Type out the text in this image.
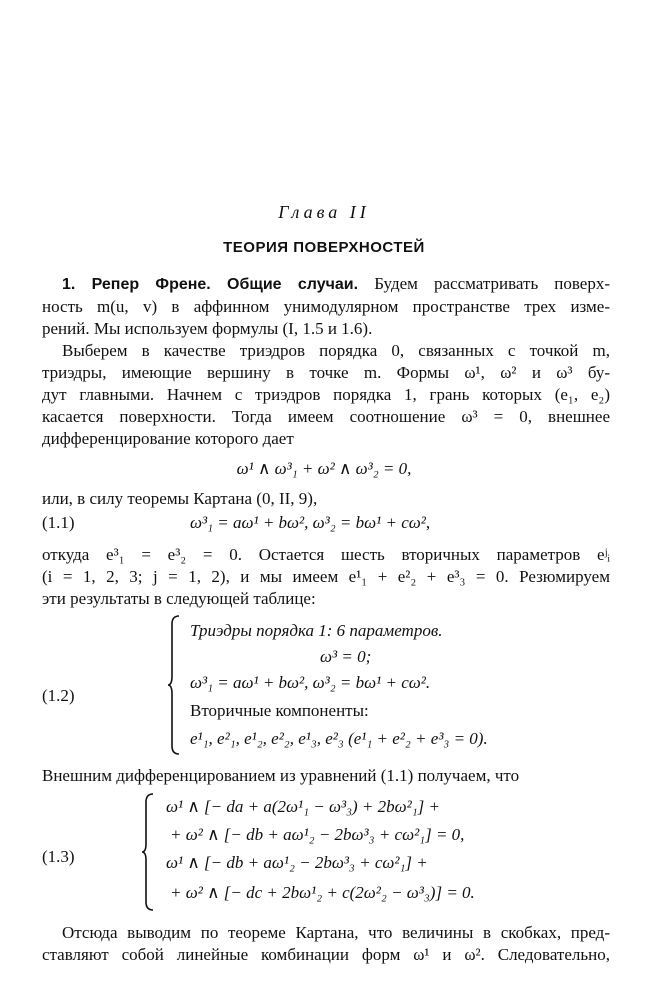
Глава II
ТЕОРИЯ ПОВЕРХНОСТЕЙ
1. Репер Френе. Общие случаи. Будем рассматривать поверх-
ность m(u, v) в аффинном унимодулярном пространстве трех изме-
рений. Мы используем формулы (I, 1.5 и 1.6).
Выберем в качестве триэдров порядка 0, связанных с точкой m,
триэдры, имеющие вершину в точке m. Формы ω¹, ω² и ω³ бу-
дут главными. Начнем с триэдров порядка 1, грань которых (e₁, e₂)
касается поверхности. Тогда имеем соотношение ω³ = 0, внешнее
дифференцирование которого дает
ω¹ ∧ ω³₁ + ω² ∧ ω³₂ = 0,
или, в силу теоремы Картана (0, II, 9),
(1.1)	ω³₁ = aω¹ + bω², ω³₂ = bω¹ + cω²,
откуда e³₁ = e³₂ = 0. Остается шесть вторичных параметров eʲᵢ
(i = 1, 2, 3; j = 1, 2), и мы имеем e¹₁ + e²₂ + e³₃ = 0. Резюмируем
эти результаты в следующей таблице:
(1.2)
Триэдры порядка 1: 6 параметров.
ω³ = 0;
ω³₁ = aω¹ + bω², ω³₂ = bω¹ + cω².
Вторичные компоненты:
e¹₁, e²₁, e¹₂, e²₂, e¹₃, e²₃ (e¹₁ + e²₂ + e³₃ = 0).
Внешним дифференцированием из уравнений (1.1) получаем, что
(1.3)
ω¹ ∧ [− da + a(2ω¹₁ − ω³₃) + 2bω²₁] +
+ ω² ∧ [− db + aω¹₂ − 2bω³₃ + cω²₁] = 0,
ω¹ ∧ [− db + aω¹₂ − 2bω³₃ + cω²₁] +
+ ω² ∧ [− dc + 2bω¹₂ + c(2ω²₂ − ω³₃)] = 0.
Отсюда выводим по теореме Картана, что величины в скобках, пред-
ставляют собой линейные комбинации форм ω¹ и ω². Следовательно,
